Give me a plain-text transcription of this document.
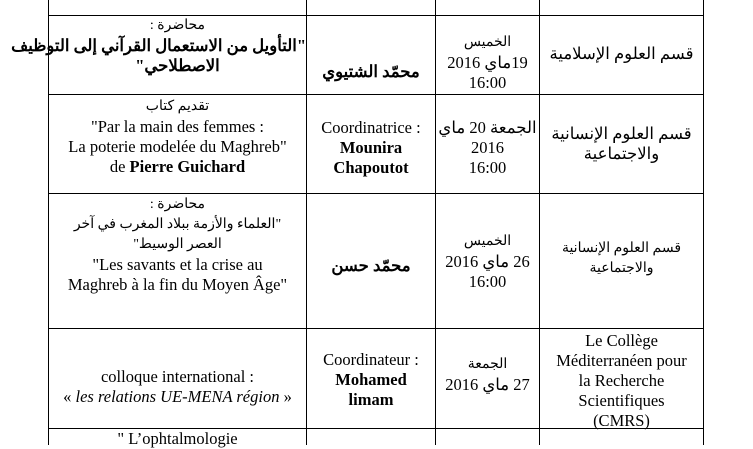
محاضرة :
"التأويل من الاستعمال القرآني إلى التوظيف
الاصطلاحي"	محمّد الشتيوي
الخميس
19ماي 2016
16:00
قسم العلوم الإسلامية
تقديم كتاب
"Par la main des femmes :
La poterie modelée du Maghreb"
de Pierre Guichard
Coordinatrice :
Mounira
Chapoutot
الجمعة 20 ماي
2016
16:00
قسم العلوم الإنسانية
والاجتماعية
محاضرة :
"العلماء والأزمة ببلاد المغرب في آخر
العصر الوسيط"
"Les savants et la crise au
Maghreb à la fin du Moyen Âge"
محمّد حسن
الخميس
26 ماي 2016
16:00
قسم العلوم الإنسانية
والاجتماعية
colloque international :
« les relations UE-MENA région »
Coordinateur :
Mohamed
limam
الجمعة
27 ماي 2016
Le Collège
Méditerranéen pour
la Recherche
Scientifiques
(CMRS)
" L’ophtalmologie
